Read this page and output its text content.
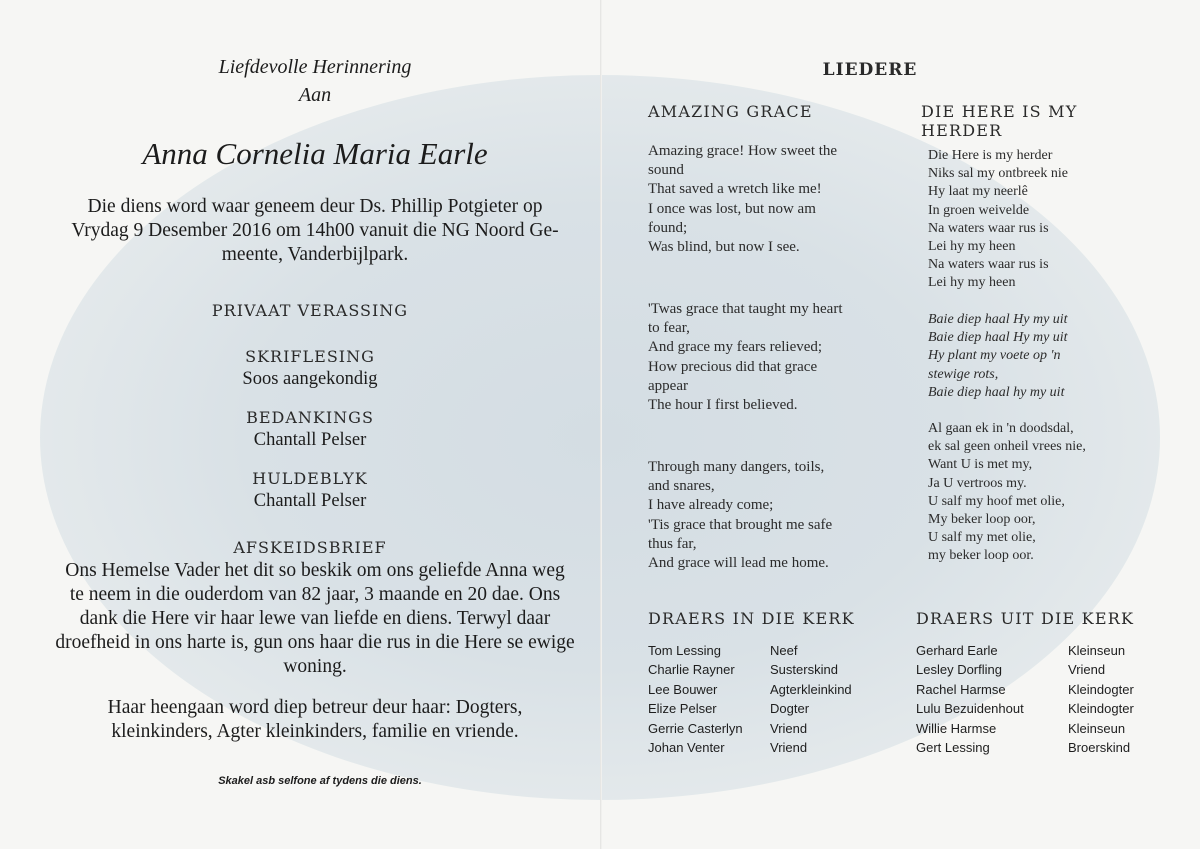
Liefdevolle Herinnering
Aan
Anna Cornelia Maria Earle
Die diens word waar geneem deur Ds. Phillip Potgieter op
Vrydag 9 Desember 2016 om 14h00 vanuit die NG Noord Ge-
meente, Vanderbijlpark.
PRIVAAT VERASSING
SKRIFLESING
Soos aangekondig
BEDANKINGS
Chantall Pelser
HULDEBLYK
Chantall Pelser
AFSKEIDSBRIEF
Ons Hemelse Vader het dit so beskik om ons geliefde Anna weg
te neem in die ouderdom van 82 jaar, 3 maande en 20 dae. Ons
dank die Here vir haar lewe van liefde en diens. Terwyl daar
droefheid in ons harte is, gun ons haar die rus in die Here se ewige
woning.
Haar heengaan word diep betreur deur haar: Dogters,
kleinkinders, Agter kleinkinders, familie en vriende.
Skakel asb selfone af tydens die diens.
LIEDERE
AMAZING GRACE

Amazing grace! How sweet the

sound

That saved a wretch like me!

I once was lost, but now am

found;

Was blind, but now I see.

'Twas grace that taught my heart

to fear,

And grace my fears relieved;

How precious did that grace

appear

The hour I first believed.

Through many dangers, toils,

and snares,

I have already come;

'Tis grace that brought me safe

thus far,

And grace will lead me home.

DIE HERE IS MY HERDER

Die Here is my herder

Niks sal my ontbreek nie

Hy laat my neerlê

In groen weivelde

Na waters waar rus is

Lei hy my heen

Na waters waar rus is

Lei hy my heen

Baie diep haal Hy my uit

Baie diep haal Hy my uit

Hy plant my voete op 'n

stewige rots,

Baie diep haal hy my uit

Al gaan ek in 'n doodsdal,

ek sal geen onheil vrees nie,

Want U is met my,

Ja U vertroos my.

U salf my hoof met olie,

My beker loop oor,

U salf my met olie,

my beker loop oor.

DRAERS IN DIE KERK
Tom Lessing	Neef
Charlie Rayner	Susterskind
Lee Bouwer	Agterkleinkind
Elize Pelser	Dogter
Gerrie Casterlyn	Vriend
Johan Venter	Vriend
DRAERS UIT DIE KERK
Gerhard Earle	Kleinseun
Lesley Dorfling	Vriend
Rachel Harmse	Kleindogter
Lulu Bezuidenhout	Kleindogter
Willie Harmse	Kleinseun
Gert Lessing	Broerskind
